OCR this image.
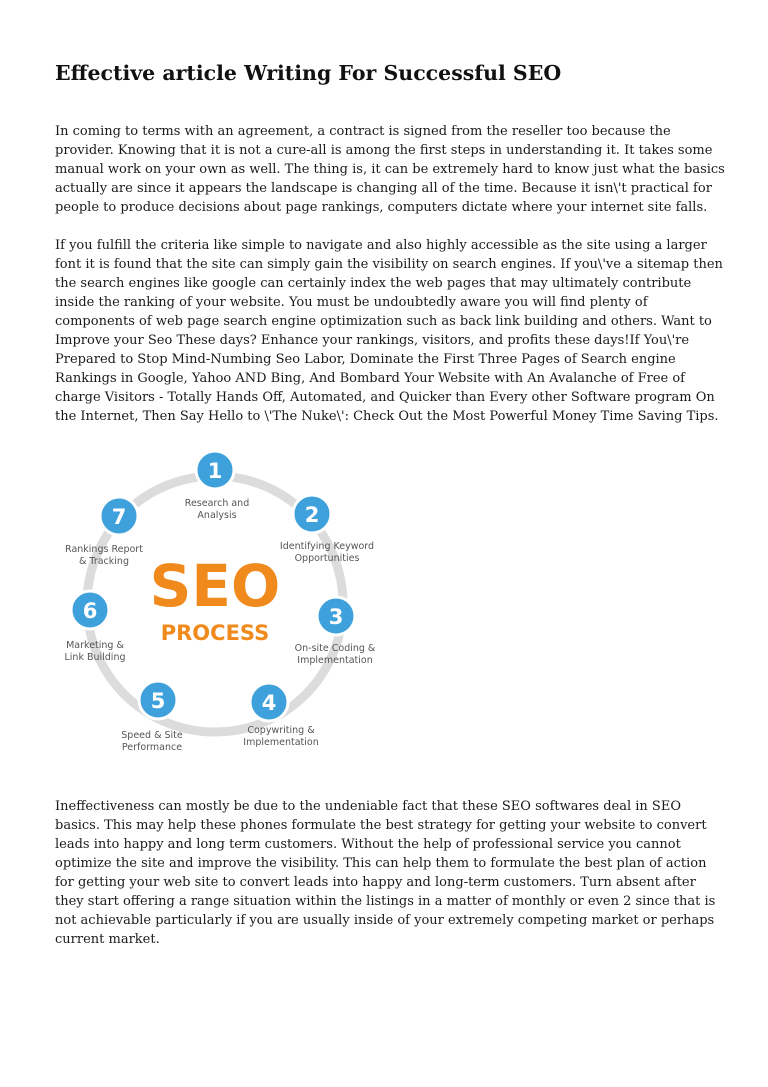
Effective article Writing For Successful SEO

In coming to terms with an agreement, a contract is signed from the reseller too because the provider. Knowing that it is not a cure-all is among the first steps in understanding it. It takes some manual work on your own as well. The thing is, it can be extremely hard to know just what the basics actually are since it appears the landscape is changing all of the time. Because it isn\'t practical for people to produce decisions about page rankings, computers dictate where your internet site falls.

If you fulfill the criteria like simple to navigate and also highly accessible as the site using a larger font it is found that the site can simply gain the visibility on search engines. If you\'ve a sitemap then the search engines like google can certainly index the web pages that may ultimately contribute inside the ranking of your website. You must be undoubtedly aware you will find plenty of components of web page search engine optimization such as back link building and others. Want to Improve your Seo These days? Enhance your rankings, visitors, and profits these days!If You\'re Prepared to Stop Mind-Numbing Seo Labor, Dominate the First Three Pages of Search engine Rankings in Google, Yahoo AND Bing, And Bombard Your Website with An Avalanche of Free of charge Visitors - Totally Hands Off, Automated, and Quicker than Every other Software program On the Internet, Then Say Hello to \'The Nuke\': Check Out the Most Powerful Money Time Saving Tips.

Ineffectiveness can mostly be due to the undeniable fact that these SEO softwares deal in SEO basics. This may help these phones formulate the best strategy for getting your website to convert leads into happy and long term customers. Without the help of professional service you cannot optimize the site and improve the visibility. This can help them to formulate the best plan of action for getting your web site to convert leads into happy and long-term customers. Turn absent after they start offering a range situation within the listings in a matter of monthly or even 2 since that is not achievable particularly if you are usually inside of your extremely competing market or perhaps current market.

SEO
PROCESS
1
Research and
Analysis	2
Identifying Keyword
Opportunities
3
On-site Coding &
Implementation
4
Copywriting &
Implementation
5
Speed & Site
Performance
6
Marketing &
Link Building
7
Rankings Report
& Tracking
